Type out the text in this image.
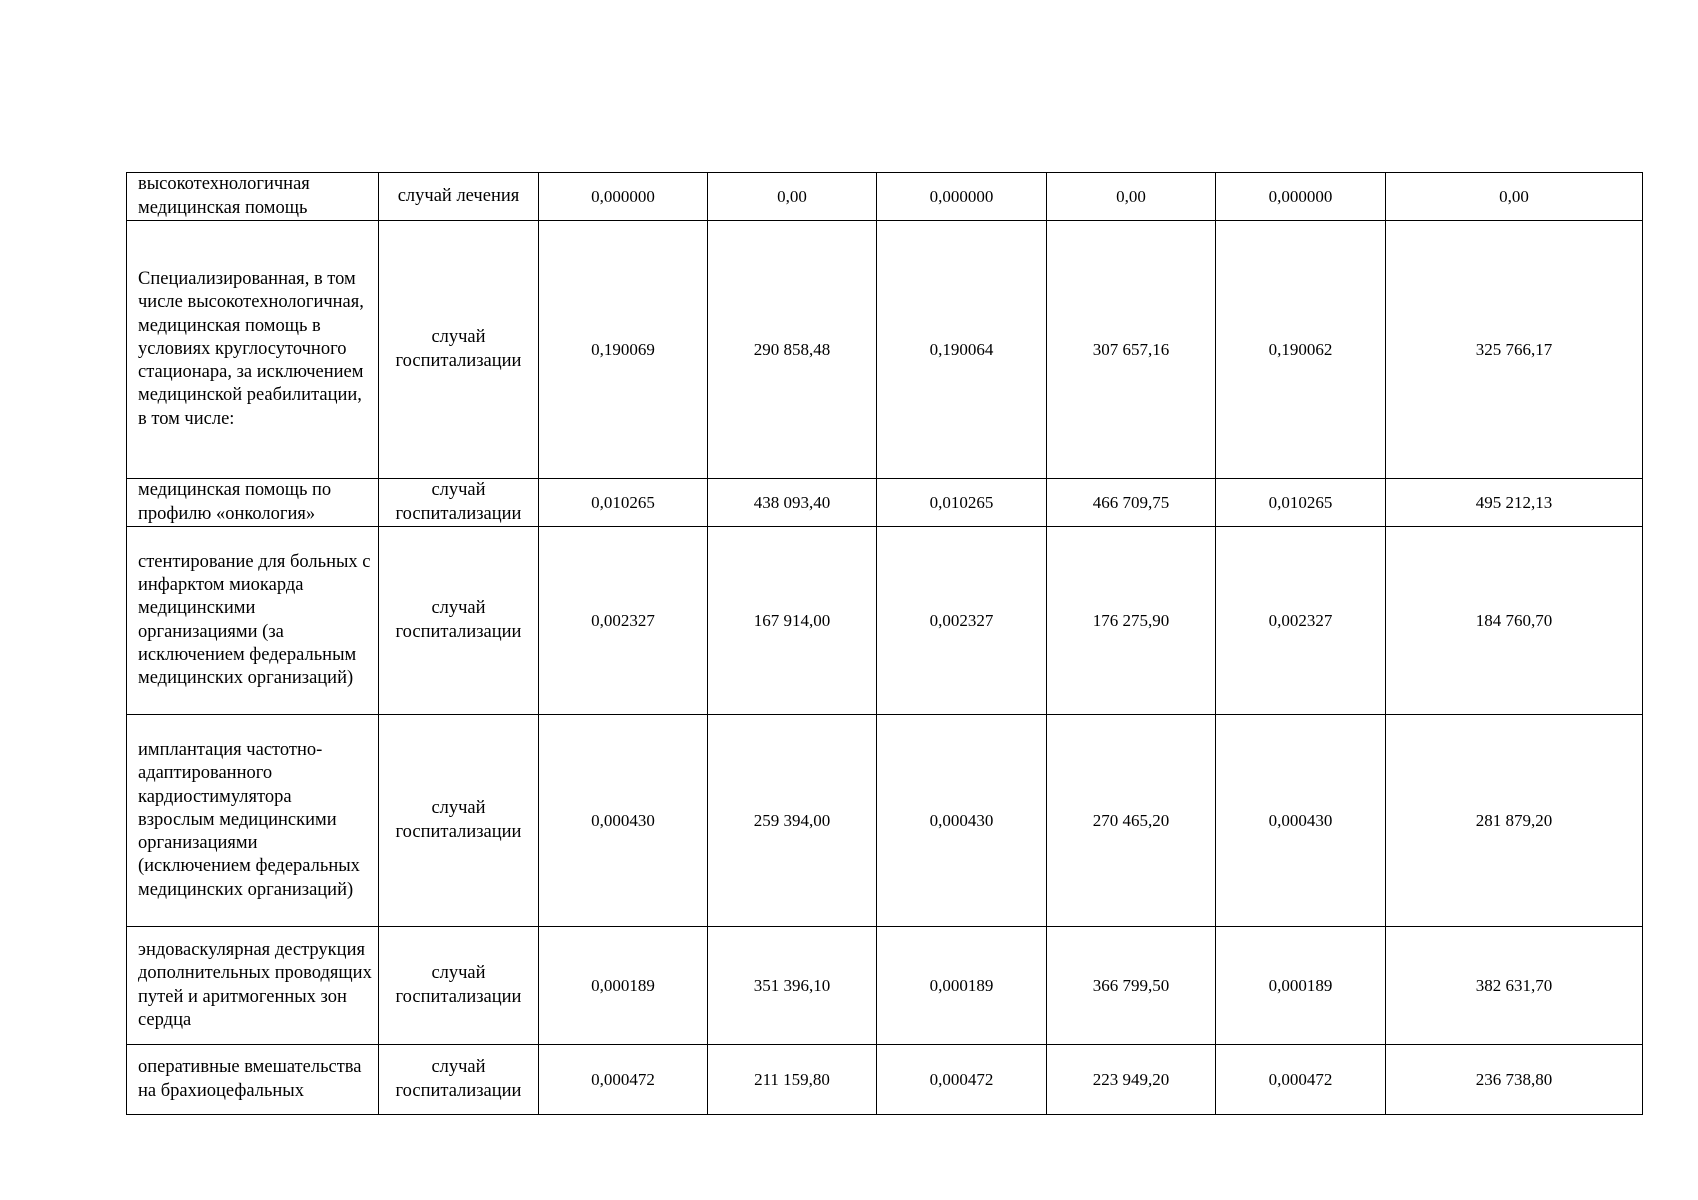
высокотехнологичная медицинская помощь	случай лечения	0,000000	0,00	0,000000	0,00	0,000000	0,00
Специализированная, в том числе высокотехнологичная, медицинская помощь в условиях круглосуточного стационара, за исключением медицинской реабилитации, в том числе:	случай госпитализации	0,190069	290 858,48	0,190064	307 657,16	0,190062	325 766,17
медицинская помощь по профилю «онкология»	случай госпитализации	0,010265	438 093,40	0,010265	466 709,75	0,010265	495 212,13
стентирование для больных с инфарктом миокарда медицинскими организациями (за исключением федеральным медицинских организаций)	случай госпитализации	0,002327	167 914,00	0,002327	176 275,90	0,002327	184 760,70
имплантация частотно-адаптированного кардиостимулятора взрослым медицинскими организациями (исключением федеральных медицинских организаций)	случай госпитализации	0,000430	259 394,00	0,000430	270 465,20	0,000430	281 879,20
эндоваскулярная деструкция дополнительных проводящих путей и аритмогенных зон сердца	случай госпитализации	0,000189	351 396,10	0,000189	366 799,50	0,000189	382 631,70
оперативные вмешательства на брахиоцефальных	случай госпитализации	0,000472	211 159,80	0,000472	223 949,20	0,000472	236 738,80
